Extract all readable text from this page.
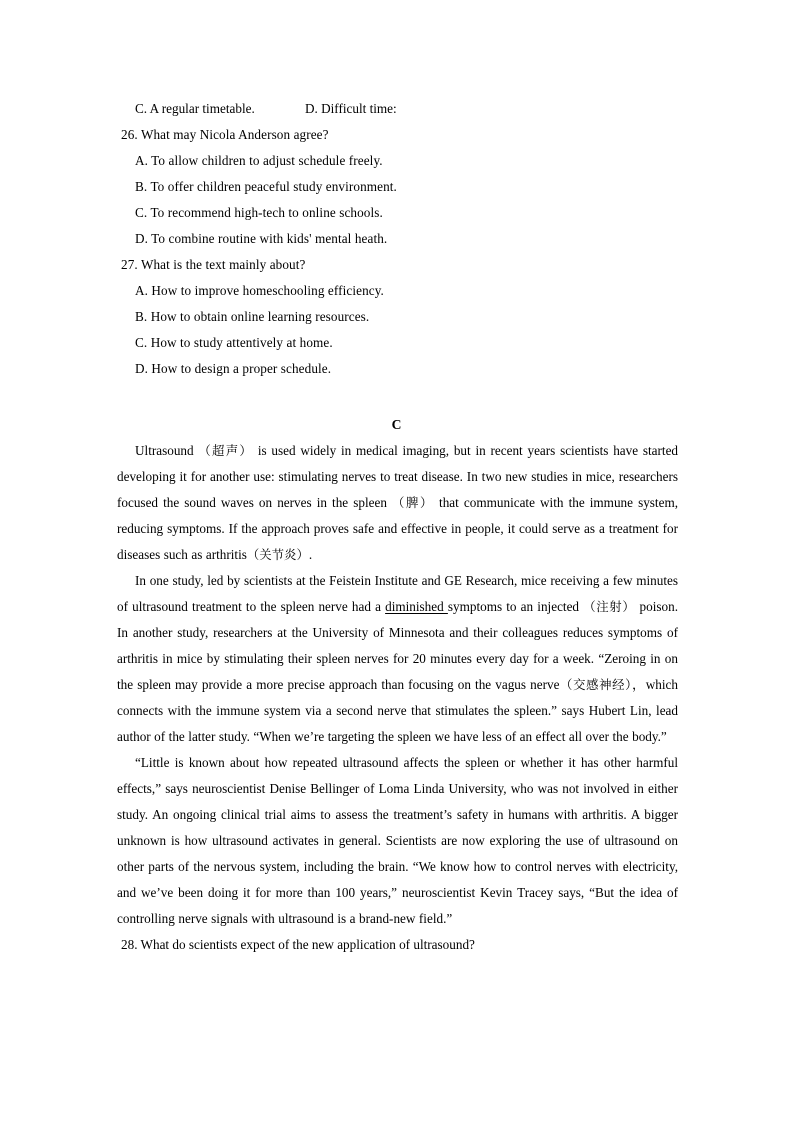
C. A regular timetable.	D. Difficult time:
26. What may Nicola Anderson agree?
A. To allow children to adjust schedule freely.
B. To offer children peaceful study environment.
C. To recommend high-tech to online schools.
D. To combine routine with kids' mental heath.
27. What is the text mainly about?
A. How to improve homeschooling efficiency.
B. How to obtain online learning resources.
C. How to study attentively at home.
D. How to design a proper schedule.
C

Ultrasound （超声） is used widely in medical imaging, but in recent years scientists have started developing it for another use: stimulating nerves to treat disease. In two new studies in mice, researchers focused the sound waves on nerves in the spleen （脾） that communicate with the immune system, reducing symptoms. If the approach proves safe and effective in people, it could serve as a treatment for diseases such as arthritis（关节炎）.

In one study, led by scientists at the Feistein Institute and GE Research, mice receiving a few minutes of ultrasound treatment to the spleen nerve had a diminished symptoms to an injected （注射） poison. In another study, researchers at the University of Minnesota and their colleagues reduces symptoms of arthritis in mice by stimulating their spleen nerves for 20 minutes every day for a week. “Zeroing in on the spleen may provide a more precise approach than focusing on the vagus nerve（交感神经），which connects with the immune system via a second nerve that stimulates the spleen.” says Hubert Lin, lead author of the latter study. “When we’re targeting the spleen we have less of an effect all over the body.”

“Little is known about how repeated ultrasound affects the spleen or whether it has other harmful effects,” says neuroscientist Denise Bellinger of Loma Linda University, who was not involved in either study. An ongoing clinical trial aims to assess the treatment’s safety in humans with arthritis. A bigger unknown is how ultrasound activates in general. Scientists are now exploring the use of ultrasound on other parts of the nervous system, including the brain. “We know how to control nerves with electricity, and we’ve been doing it for more than 100 years,” neuroscientist Kevin Tracey says, “But the idea of controlling nerve signals with ultrasound is a brand-new field.”

28. What do scientists expect of the new application of ultrasound?
